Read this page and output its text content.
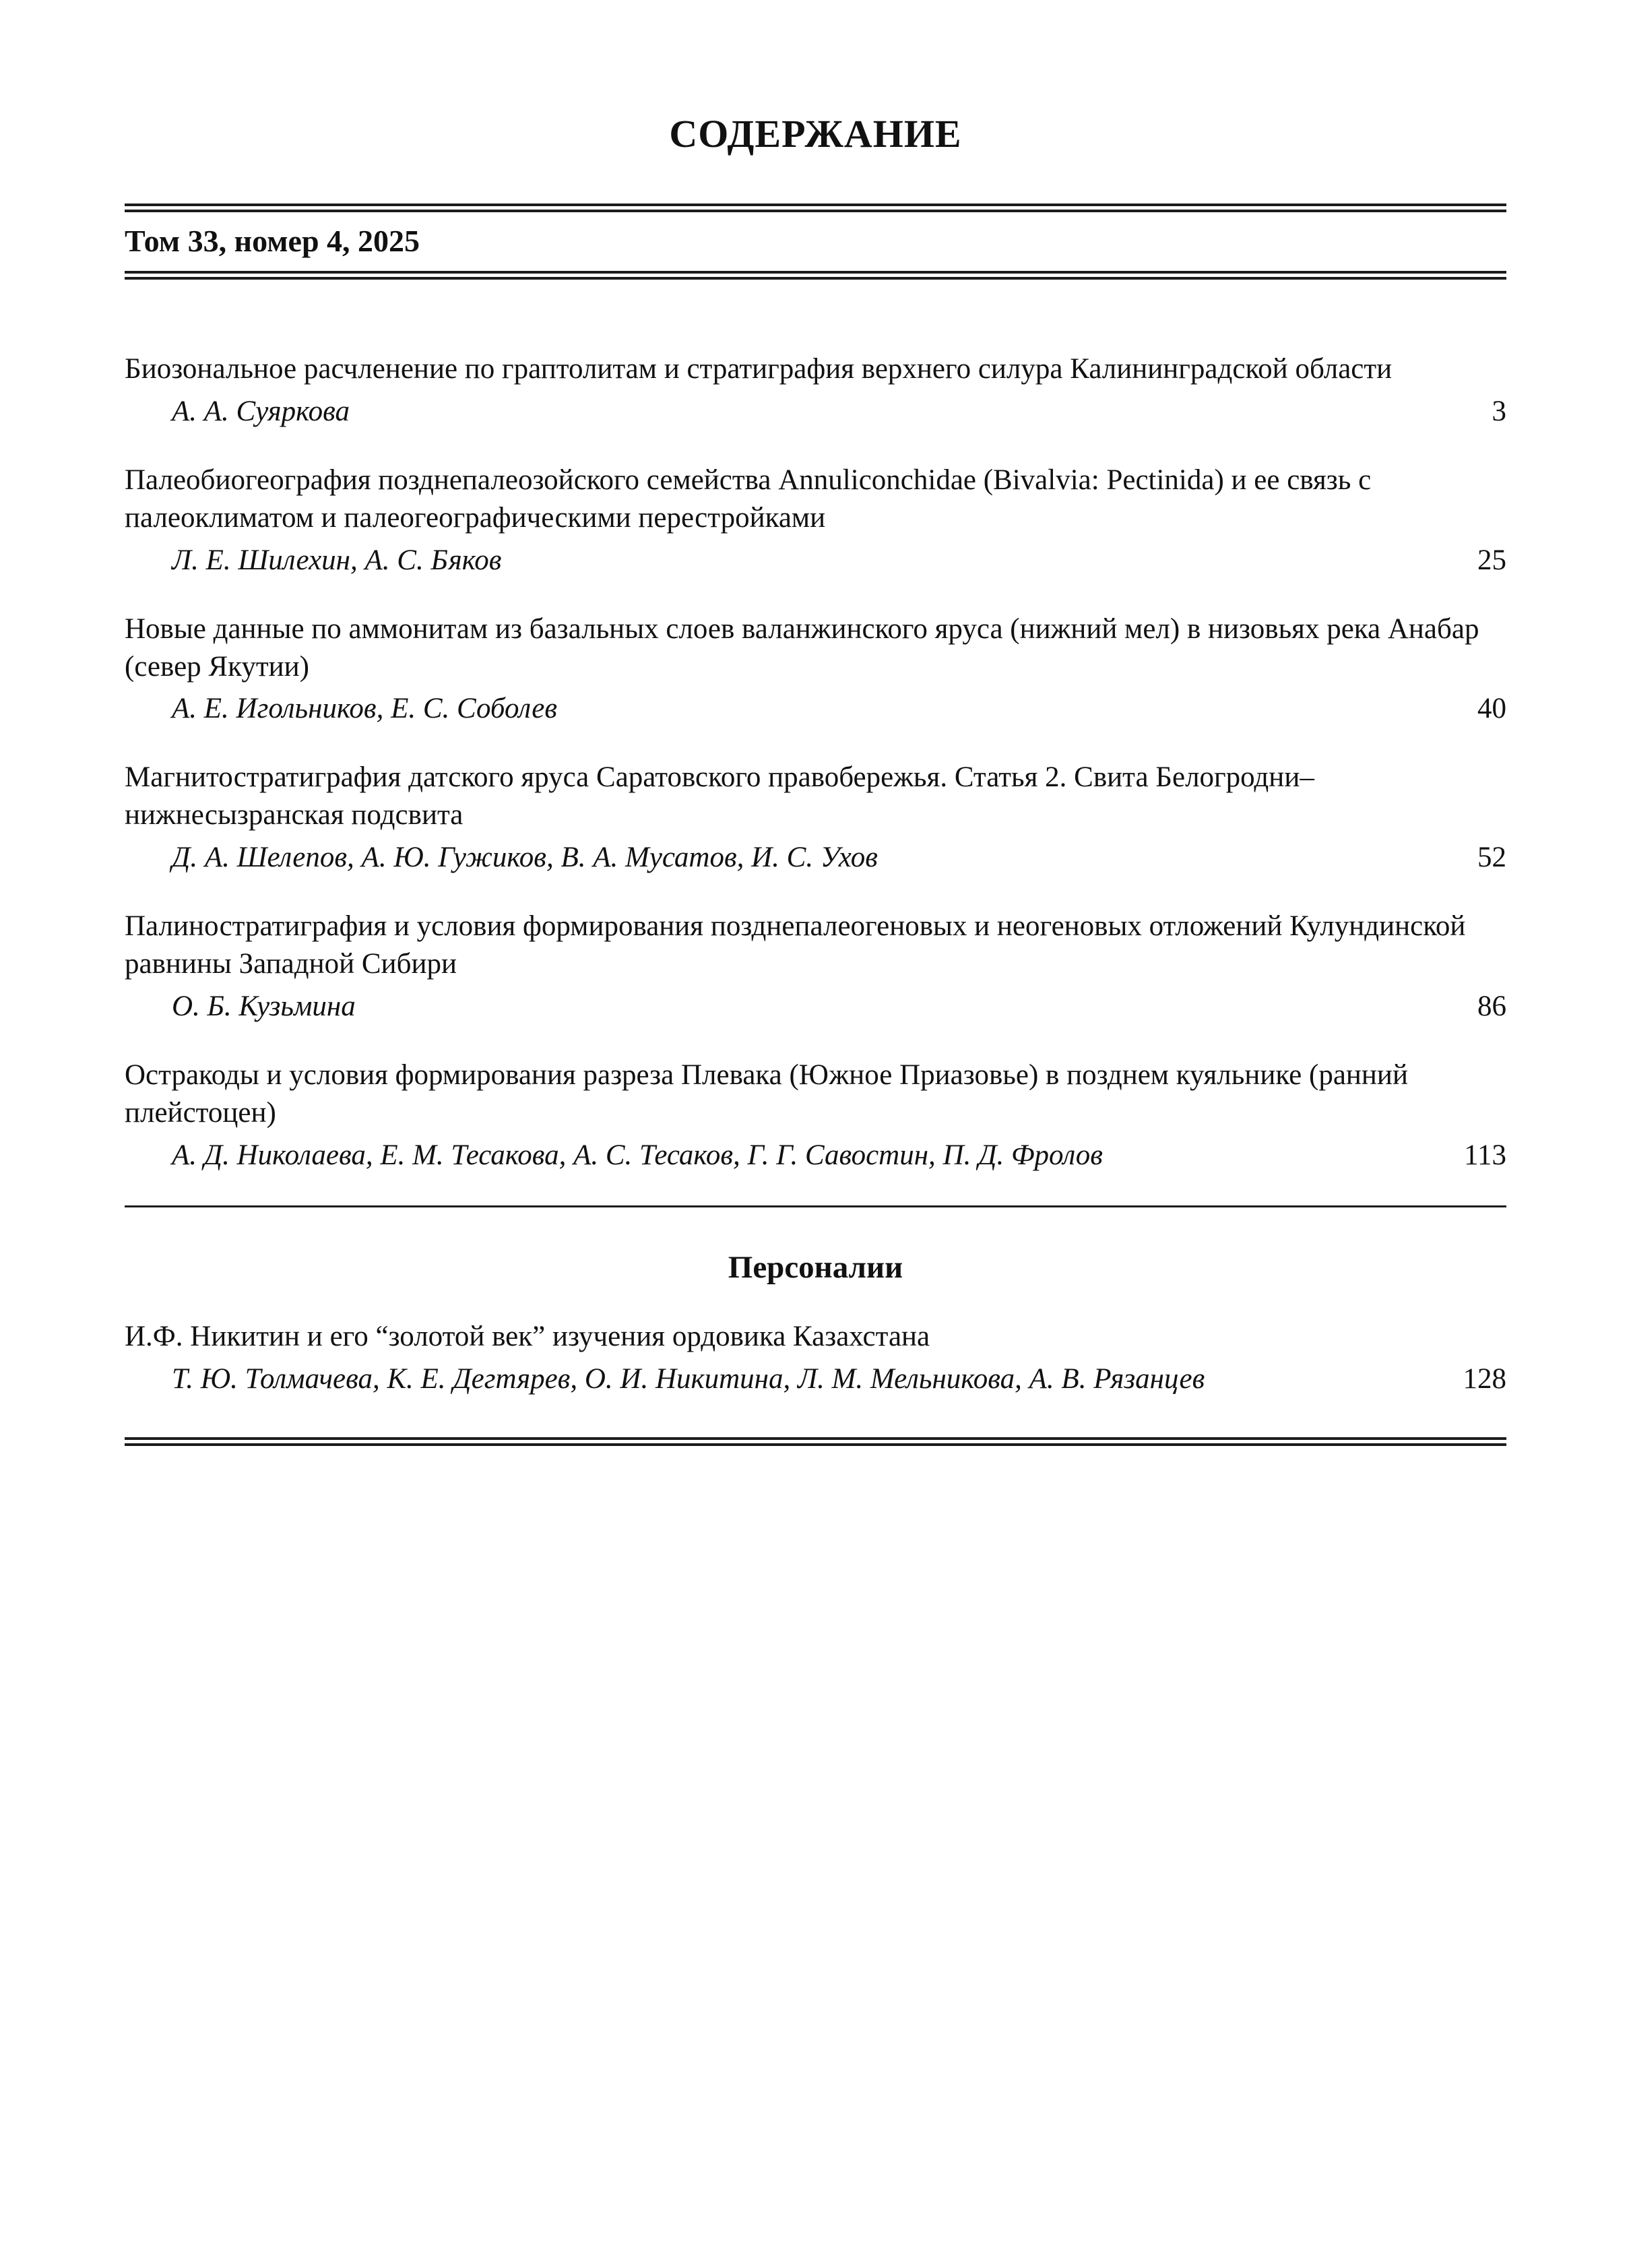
СОДЕРЖАНИЕ
Том 33, номер 4, 2025
Биозональное расчленение по граптолитам и стратиграфия верхнего силура Калининградской области
А. А. Суяркова	3
Палеобиогеография позднепалеозойского семейства Annuliconchidae (Bivalvia: Pectinida) и ее связь с палеоклиматом и палеогеографическими перестройками
Л. Е. Шилехин, А. С. Бяков	25
Новые данные по аммонитам из базальных слоев валанжинского яруса (нижний мел) в низовьях река Анабар (север Якутии)
А. Е. Игольников, Е. С. Соболев	40
Магнитостратиграфия датского яруса Саратовского правобережья. Статья 2. Свита Белогродни–нижнесызранская подсвита
Д. А. Шелепов, А. Ю. Гужиков, В. А. Мусатов, И. С. Ухов	52
Палиностратиграфия и условия формирования позднепалеогеновых и неогеновых отложений Кулундинской равнины Западной Сибири
О. Б. Кузьмина	86
Остракоды и условия формирования разреза Плевака (Южное Приазовье) в позднем куяльнике (ранний плейстоцен)
А. Д. Николаева, Е. М. Тесакова, А. С. Тесаков, Г. Г. Савостин, П. Д. Фролов	113
Персоналии
И.Ф. Никитин и его “золотой век” изучения ордовика Казахстана
Т. Ю. Толмачева, К. Е. Дегтярев, О. И. Никитина, Л. М. Мельникова, А. В. Рязанцев	128
